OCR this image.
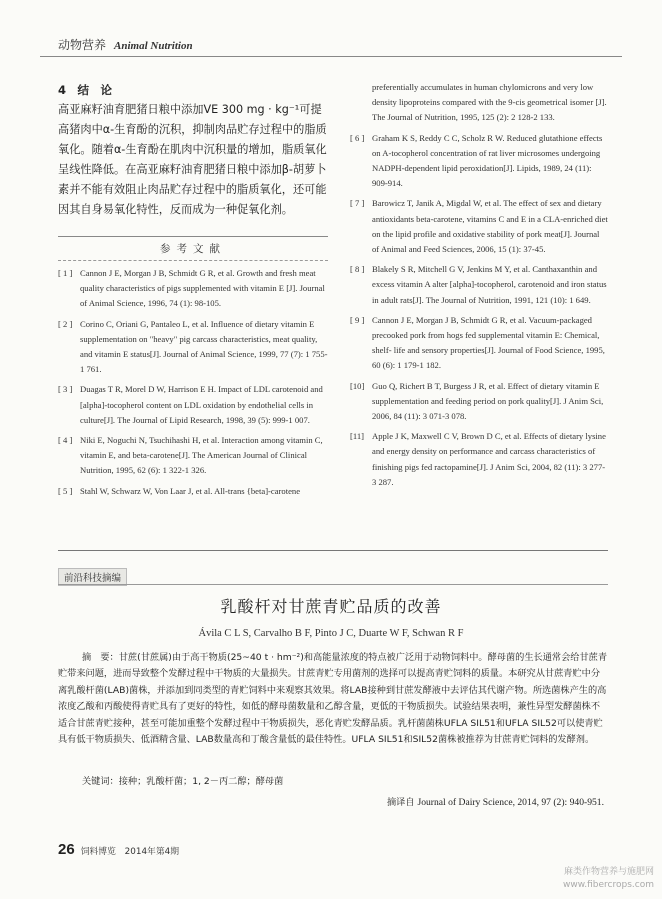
动物营养 Animal Nutrition
4　结　论
高亚麻籽油育肥猪日粮中添加VE 300 mg · kg⁻¹可提高猪肉中α-生育酚的沉积，抑制肉品贮存过程中的脂质氧化。随着α-生育酚在肌肉中沉积量的增加，脂质氧化呈线性降低。在高亚麻籽油育肥猪日粮中添加β-胡萝卜素并不能有效阻止肉品贮存过程中的脂质氧化，还可能因其自身易氧化特性，反而成为一种促氧化剂。
参考文献
[ 1 ] Cannon J E, Morgan J B, Schmidt G R, et al. Growth and fresh meat quality characteristics of pigs supplemented with vitamin E [J]. Journal of Animal Science, 1996, 74 (1): 98-105.
[ 2 ] Corino C, Oriani G, Pantaleo L, et al. Influence of dietary vitamin E supplementation on "heavy" pig carcass characteristics, meat quality, and vitamin E status[J]. Journal of Animal Science, 1999, 77 (7): 1 755-1 761.
[ 3 ] Duagas T R, Morel D W, Harrison E H. Impact of LDL carotenoid and [alpha]-tocopherol content on LDL oxidation by endothelial cells in culture[J]. The Journal of Lipid Research, 1998, 39 (5): 999-1 007.
[ 4 ] Niki E, Noguchi N, Tsuchihashi H, et al. Interaction among vitamin C, vitamin E, and beta-carotene[J]. The American Journal of Clinical Nutrition, 1995, 62 (6): 1 322-1 326.
[ 5 ] Stahl W, Schwarz W, Von Laar J, et al. All-trans {beta]-carotene
preferentially accumulates in human chylomicrons and very low density lipoproteins compared with the 9-cis geometrical isomer [J]. The Journal of Nutrition, 1995, 125 (2): 2 128-2 133.
[ 6 ] Graham K S, Reddy C C, Scholz R W. Reduced glutathione effects on A-tocopherol concentration of rat liver microsomes undergoing NADPH-dependent lipid peroxidation[J]. Lipids, 1989, 24 (11): 909-914.
[ 7 ] Barowicz T, Janik A, Migdal W, et al. The effect of sex and dietary antioxidants beta-carotene, vitamins C and E in a CLA-enriched diet on the lipid profile and oxidative stability of pork meat[J]. Journal of Animal and Feed Sciences, 2006, 15 (1): 37-45.
[ 8 ] Blakely S R, Mitchell G V, Jenkins M Y, et al. Canthaxanthin and excess vitamin A alter [alpha]-tocopherol, carotenoid and iron status in adult rats[J]. The Journal of Nutrition, 1991, 121 (10): 1 649.
[ 9 ] Cannon J E, Morgan J B, Schmidt G R, et al. Vacuum-packaged precooked pork from hogs fed supplemental vitamin E: Chemical, shelf- life and sensory properties[J]. Journal of Food Science, 1995, 60 (6): 1 179-1 182.
[10] Guo Q, Richert B T, Burgess J R, et al. Effect of dietary vitamin E supplementation and feeding period on pork quality[J]. J Anim Sci, 2006, 84 (11): 3 071-3 078.
[11] Apple J K, Maxwell C V, Brown D C, et al. Effects of dietary lysine and energy density on performance and carcass characteristics of finishing pigs fed ractopamine[J]. J Anim Sci, 2004, 82 (11): 3 277-3 287.
前沿科技摘编
乳酸杆对甘蔗青贮品质的改善
Ávila C L S, Carvalho B F, Pinto J C, Duarte W F, Schwan R F
摘　要：甘蔗(甘蔗属)由于高干物质(25~40 t · hm⁻²)和高能量浓度的特点被广泛用于动物饲料中。酵母菌的生长通常会给甘蔗青贮带来问题，进而导致整个发酵过程中干物质的大量损失。甘蔗青贮专用菌剂的选择可以提高青贮饲料的质量。本研究从甘蔗青贮中分离乳酸杆菌(LAB)菌株，并添加到同类型的青贮饲料中来观察其效果。将LAB接种到甘蔗发酵液中去评估其代谢产物。所选菌株产生的高浓度乙酸和丙酸使得青贮具有了更好的特性，如低的酵母菌数量和乙醇含量，更低的干物质损失。试验结果表明，兼性异型发酵菌株不适合甘蔗青贮接种，甚至可能加重整个发酵过程中干物质损失，恶化青贮发酵品质。乳杆菌菌株UFLA SIL51和UFLA SIL52可以使青贮具有低干物质损失、低酒精含量、LAB数量高和丁酸含量低的最佳特性。UFLA SIL51和SIL52菌株被推荐为甘蔗青贮饲料的发酵剂。
关键词：接种；乳酸杆菌；1, 2－丙二醇；酵母菌
摘译自 Journal of Dairy Science, 2014, 97 (2): 940-951.
26 饲料博览　2014年第4期
麻类作物营养与施肥网
www.fibercrops.com
